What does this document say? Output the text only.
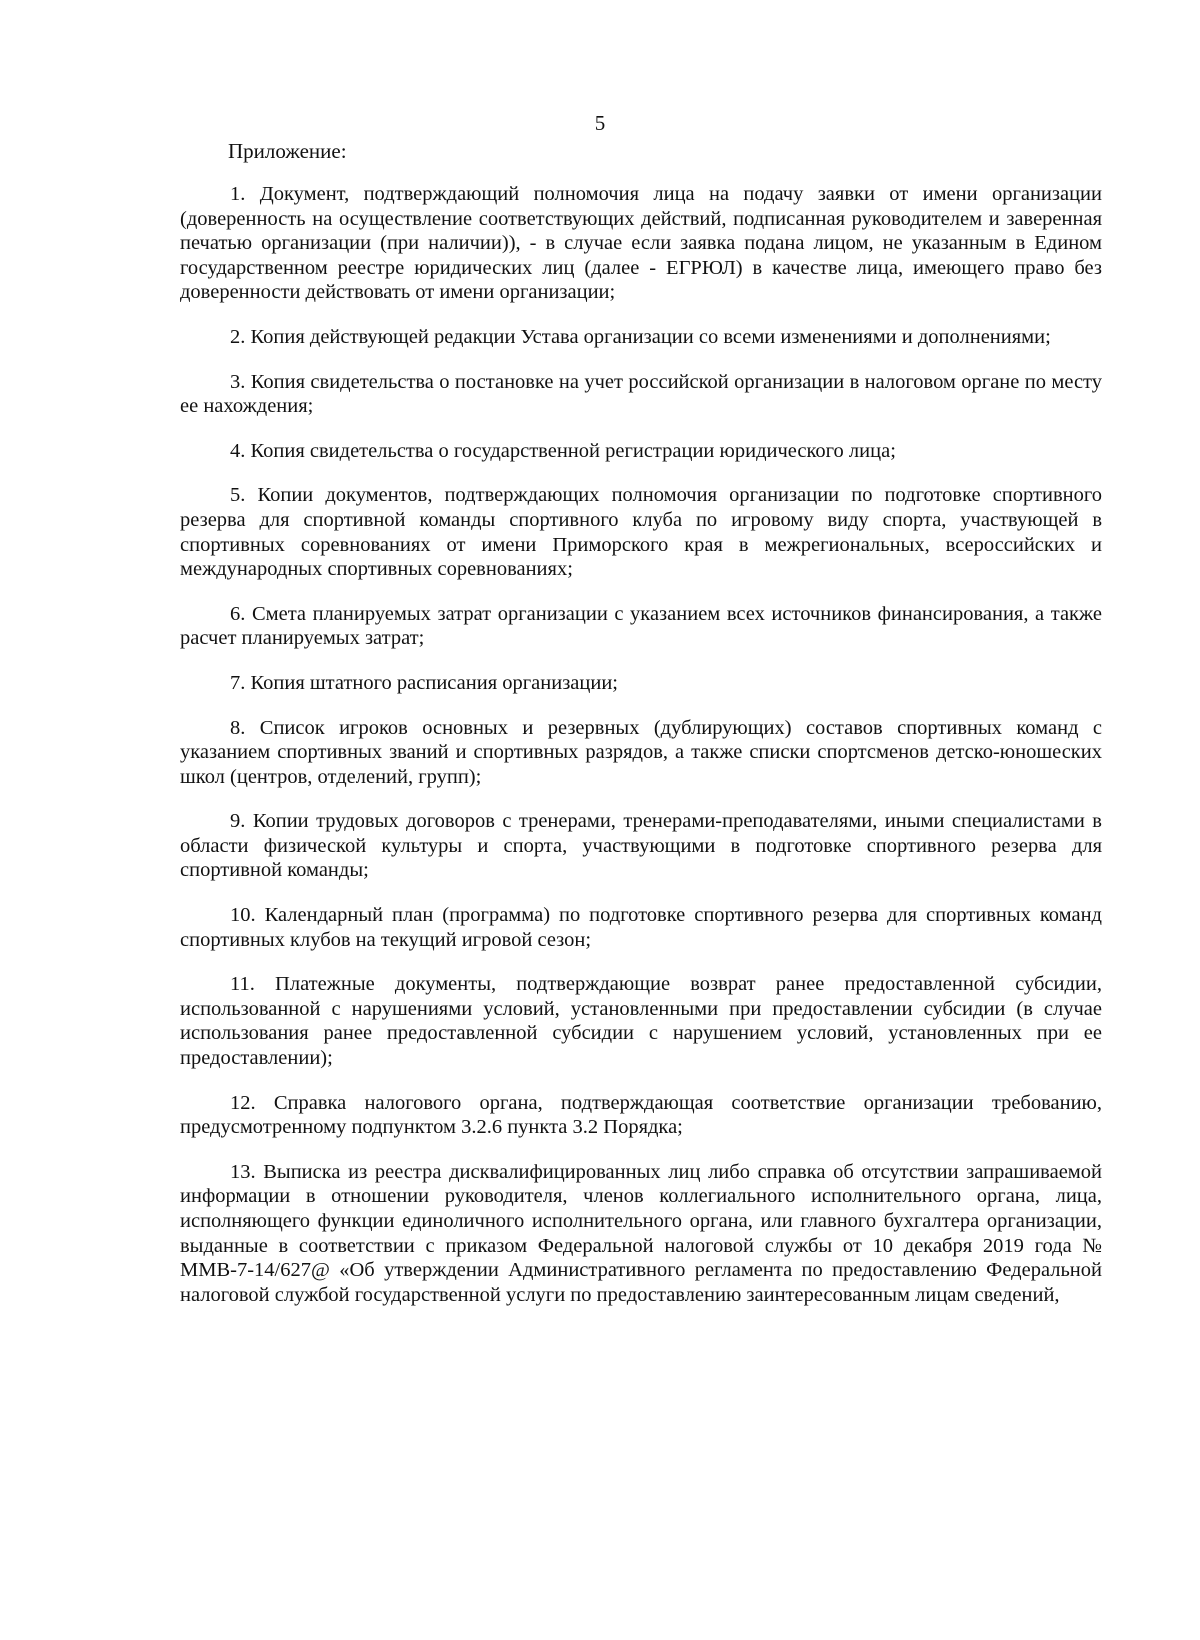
5

Приложение:

1. Документ, подтверждающий полномочия лица на подачу заявки от имени организации (доверенность на осуществление соответствующих действий, подписанная руководителем и заверенная печатью организации (при наличии)), - в случае если заявка подана лицом, не указанным в Едином государственном реестре юридических лиц (далее - ЕГРЮЛ) в качестве лица, имеющего право без доверенности действовать от имени организации;

2. Копия действующей редакции Устава организации со всеми изменениями и дополнениями;

3. Копия свидетельства о постановке на учет российской организации в налоговом органе по месту ее нахождения;

4. Копия свидетельства о государственной регистрации юридического лица;

5. Копии документов, подтверждающих полномочия организации по подготовке спортивного резерва для спортивной команды спортивного клуба по игровому виду спорта, участвующей в спортивных соревнованиях от имени Приморского края в межрегиональных, всероссийских и международных спортивных соревнованиях;

6. Смета планируемых затрат организации с указанием всех источников финансирования, а также расчет планируемых затрат;

7. Копия штатного расписания организации;

8. Список игроков основных и резервных (дублирующих) составов спортивных команд с указанием спортивных званий и спортивных разрядов, а также списки спортсменов детско-юношеских школ (центров, отделений, групп);

9. Копии трудовых договоров с тренерами, тренерами-преподавателями, иными специалистами в области физической культуры и спорта, участвующими в подготовке спортивного резерва для спортивной команды;

10. Календарный план (программа) по подготовке спортивного резерва для спортивных команд спортивных клубов на текущий игровой сезон;

11. Платежные документы, подтверждающие возврат ранее предоставленной субсидии, использованной с нарушениями условий, установленными при предоставлении субсидии (в случае использования ранее предоставленной субсидии с нарушением условий, установленных при ее предоставлении);

12. Справка налогового органа, подтверждающая соответствие организации требованию, предусмотренному подпунктом 3.2.6 пункта 3.2 Порядка;

13. Выписка из реестра дисквалифицированных лиц либо справка об отсутствии запрашиваемой информации в отношении руководителя, членов коллегиального исполнительного органа, лица, исполняющего функции единоличного исполнительного органа, или главного бухгалтера организации, выданные в соответствии с приказом Федеральной налоговой службы от 10 декабря 2019 года № ММВ-7-14/627@ «Об утверждении Административного регламента по предоставлению Федеральной налоговой службой государственной услуги по предоставлению заинтересованным лицам сведений,
